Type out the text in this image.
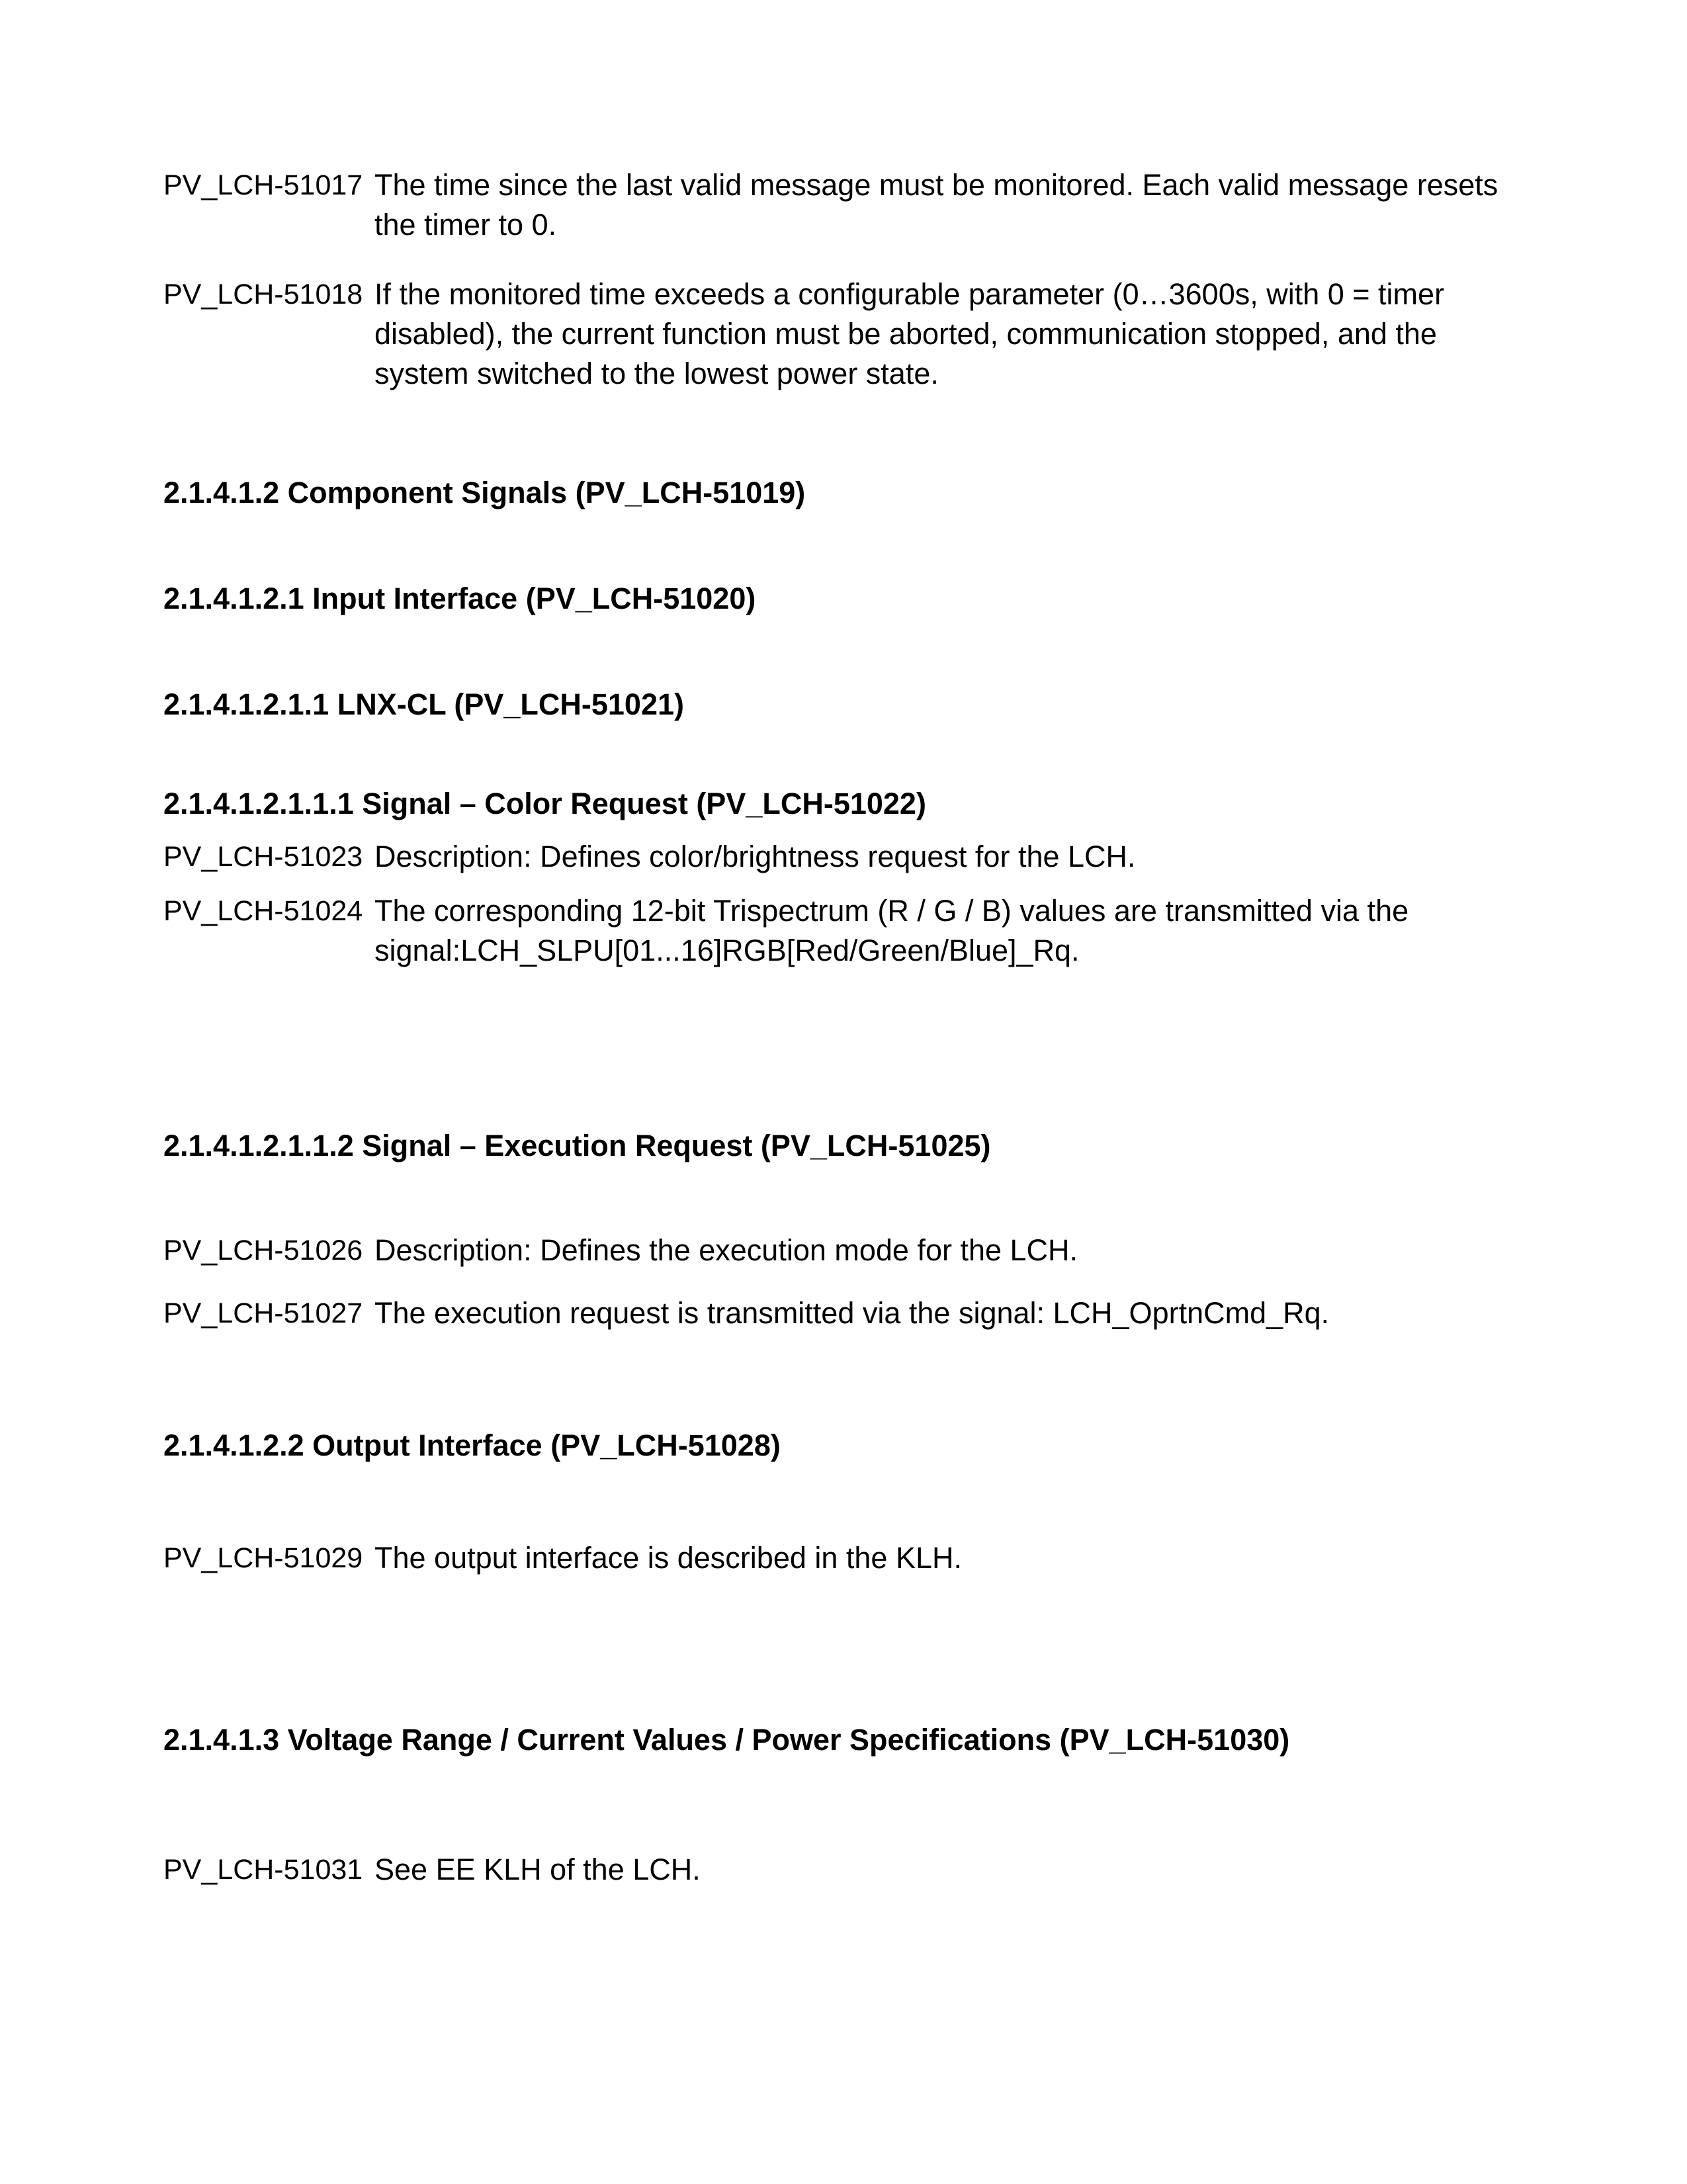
PV_LCH-51017 The time since the last valid message must be monitored. Each valid message resets the timer to 0.
PV_LCH-51018 If the monitored time exceeds a configurable parameter (0…3600s, with 0 = timer disabled), the current function must be aborted, communication stopped, and the system switched to the lowest power state.
2.1.4.1.2 Component Signals (PV_LCH-51019)
2.1.4.1.2.1 Input Interface (PV_LCH-51020)
2.1.4.1.2.1.1 LNX-CL (PV_LCH-51021)
2.1.4.1.2.1.1.1 Signal – Color Request (PV_LCH-51022)
PV_LCH-51023 Description: Defines color/brightness request for the LCH.
PV_LCH-51024 The corresponding 12-bit Trispectrum (R / G / B) values are transmitted via the signal:LCH_SLPU[01...16]RGB[Red/Green/Blue]_Rq.
2.1.4.1.2.1.1.2 Signal – Execution Request (PV_LCH-51025)
PV_LCH-51026 Description: Defines the execution mode for the LCH.
PV_LCH-51027 The execution request is transmitted via the signal: LCH_OprtnCmd_Rq.
2.1.4.1.2.2 Output Interface (PV_LCH-51028)
PV_LCH-51029 The output interface is described in the KLH.
2.1.4.1.3 Voltage Range / Current Values / Power Specifications (PV_LCH-51030)
PV_LCH-51031 See EE KLH of the LCH.
